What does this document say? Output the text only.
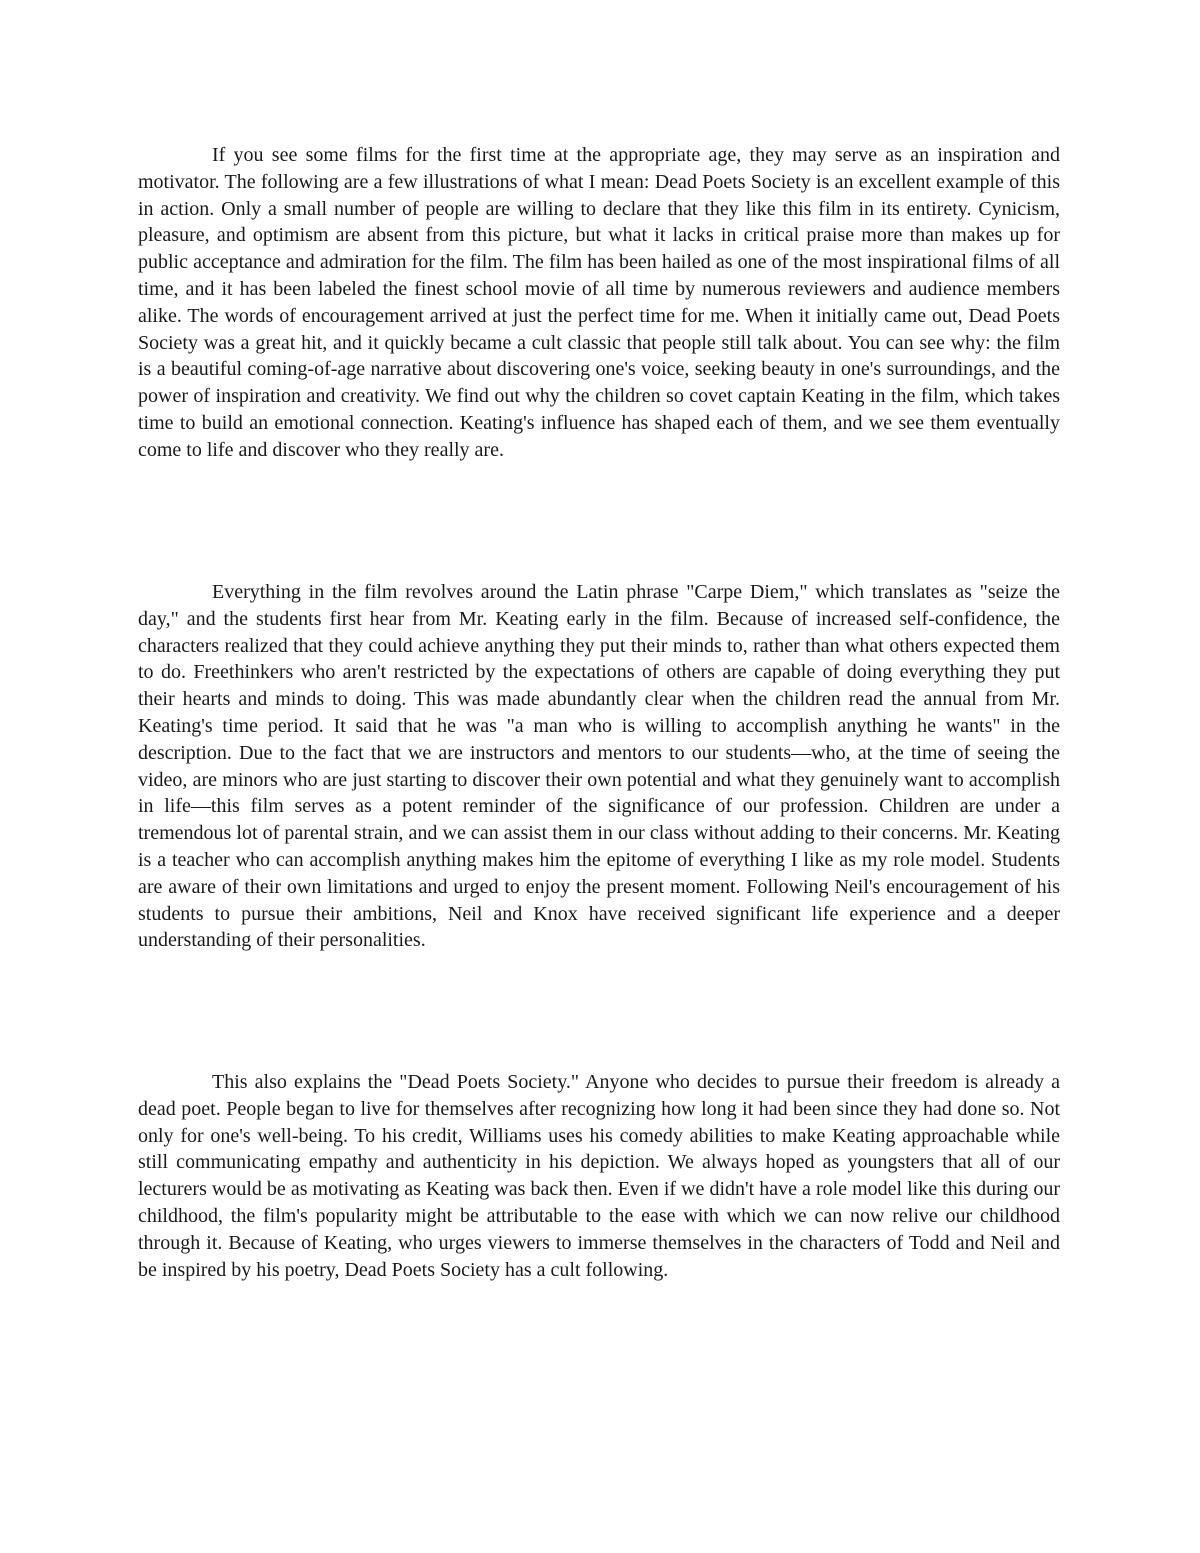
If you see some films for the first time at the appropriate age, they may serve as an inspiration and motivator. The following are a few illustrations of what I mean: Dead Poets Society is an excellent example of this in action. Only a small number of people are willing to declare that they like this film in its entirety. Cynicism, pleasure, and optimism are absent from this picture, but what it lacks in critical praise more than makes up for public acceptance and admiration for the film. The film has been hailed as one of the most inspirational films of all time, and it has been labeled the finest school movie of all time by numerous reviewers and audience members alike. The words of encouragement arrived at just the perfect time for me. When it initially came out, Dead Poets Society was a great hit, and it quickly became a cult classic that people still talk about. You can see why: the film is a beautiful coming-of-age narrative about discovering one's voice, seeking beauty in one's surroundings, and the power of inspiration and creativity. We find out why the children so covet captain Keating in the film, which takes time to build an emotional connection. Keating's influence has shaped each of them, and we see them eventually come to life and discover who they really are.

Everything in the film revolves around the Latin phrase "Carpe Diem," which translates as "seize the day," and the students first hear from Mr. Keating early in the film. Because of increased self-confidence, the characters realized that they could achieve anything they put their minds to, rather than what others expected them to do. Freethinkers who aren't restricted by the expectations of others are capable of doing everything they put their hearts and minds to doing. This was made abundantly clear when the children read the annual from Mr. Keating's time period. It said that he was "a man who is willing to accomplish anything he wants" in the description. Due to the fact that we are instructors and mentors to our students—who, at the time of seeing the video, are minors who are just starting to discover their own potential and what they genuinely want to accomplish in life—this film serves as a potent reminder of the significance of our profession. Children are under a tremendous lot of parental strain, and we can assist them in our class without adding to their concerns. Mr. Keating is a teacher who can accomplish anything makes him the epitome of everything I like as my role model. Students are aware of their own limitations and urged to enjoy the present moment. Following Neil's encouragement of his students to pursue their ambitions, Neil and Knox have received significant life experience and a deeper understanding of their personalities.

This also explains the "Dead Poets Society." Anyone who decides to pursue their freedom is already a dead poet. People began to live for themselves after recognizing how long it had been since they had done so. Not only for one's well-being. To his credit, Williams uses his comedy abilities to make Keating approachable while still communicating empathy and authenticity in his depiction. We always hoped as youngsters that all of our lecturers would be as motivating as Keating was back then. Even if we didn't have a role model like this during our childhood, the film's popularity might be attributable to the ease with which we can now relive our childhood through it. Because of Keating, who urges viewers to immerse themselves in the characters of Todd and Neil and be inspired by his poetry, Dead Poets Society has a cult following.
